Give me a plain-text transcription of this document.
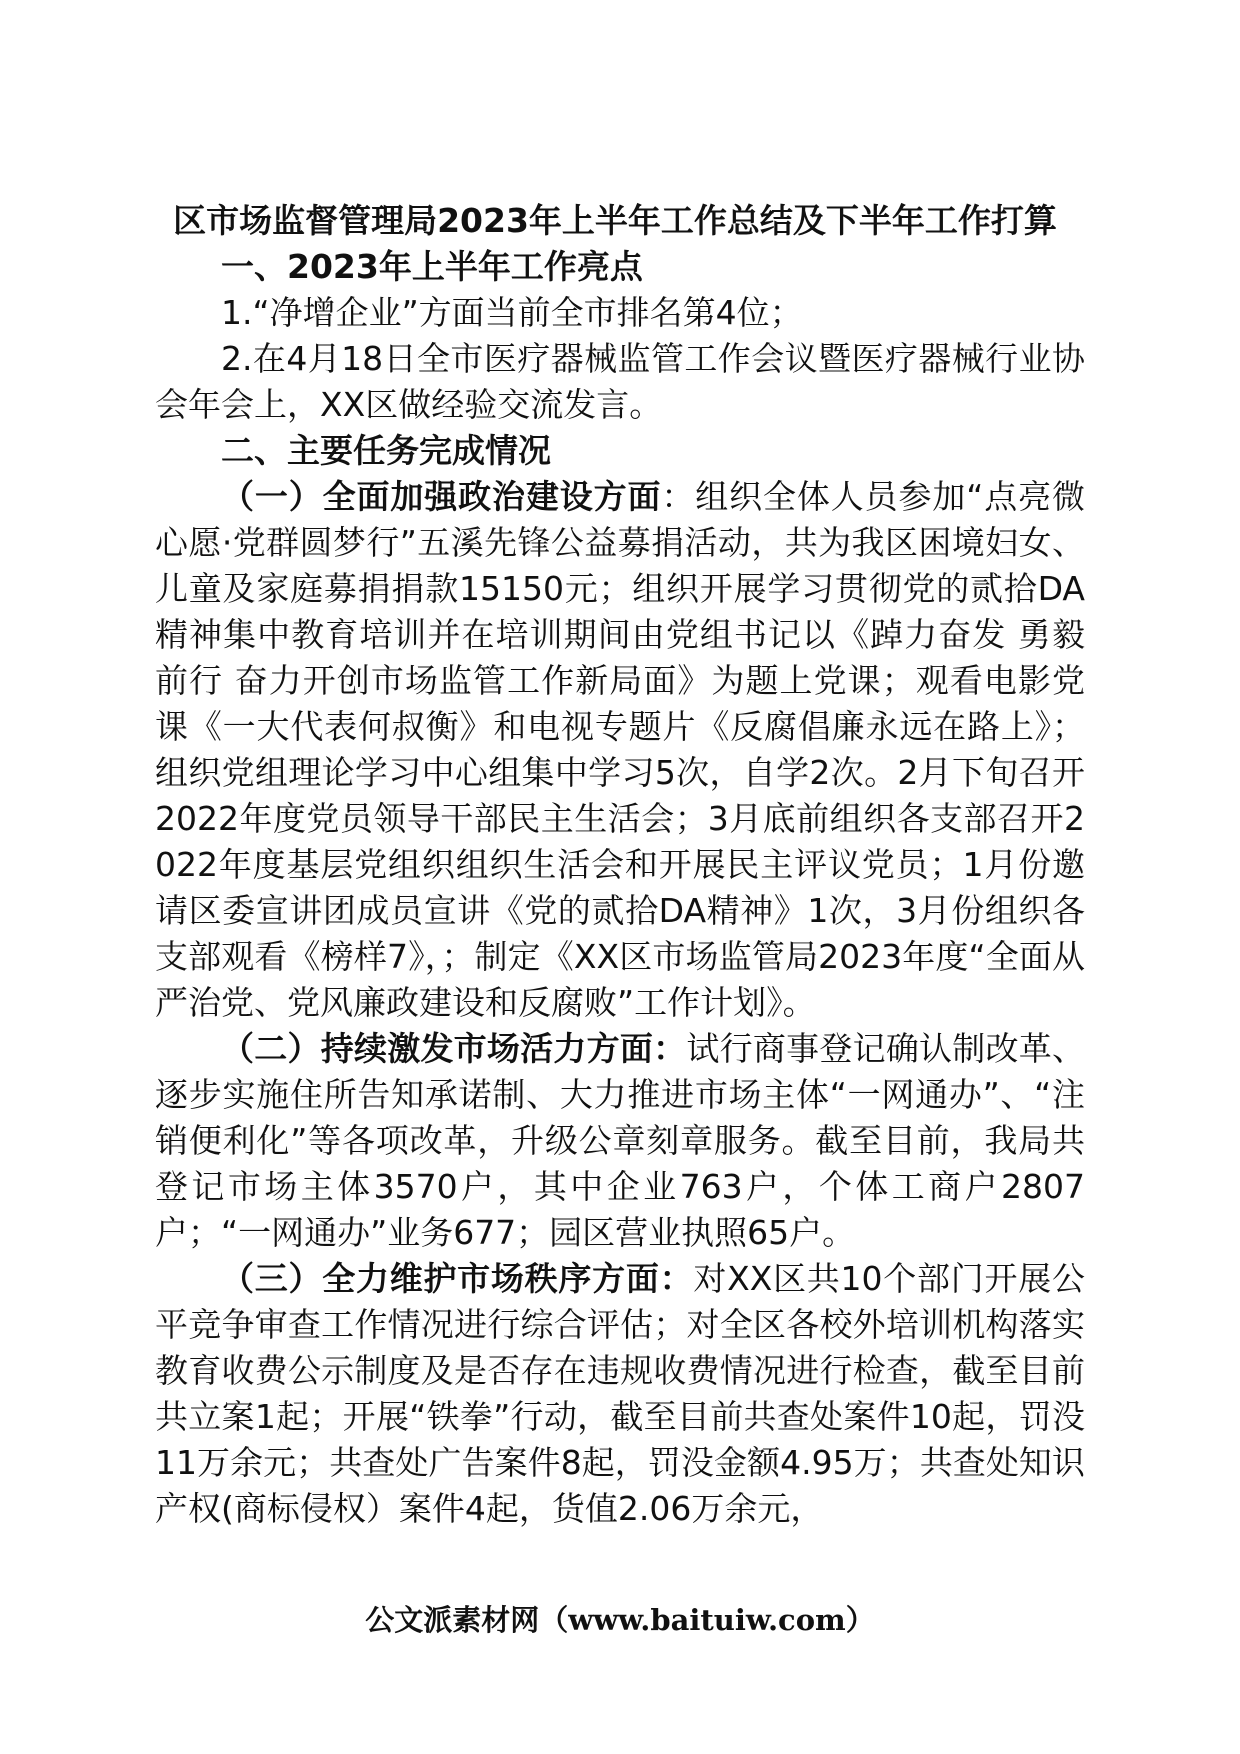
区市场监督管理局2023年上半年工作总结及下半年工作打算
一、2023年上半年工作亮点
1.“净增企业”方面当前全市排名第4位；
2.在4月18日全市医疗器械监管工作会议暨医疗器械行业协会年会上，XX区做经验交流发言。
二、主要任务完成情况
（一）全面加强政治建设方面：组织全体人员参加“点亮微心愿·党群圆梦行”五溪先锋公益募捐活动，共为我区困境妇女、儿童及家庭募捐捐款15150元；组织开展学习贯彻党的贰拾DA精神集中教育培训并在培训期间由党组书记以《踔力奋发 勇毅前行 奋力开创市场监管工作新局面》为题上党课；观看电影党课《一大代表何叔衡》和电视专题片《反腐倡廉永远在路上》；组织党组理论学习中心组集中学习5次，自学2次。2月下旬召开2022年度党员领导干部民主生活会；3月底前组织各支部召开2022年度基层党组织组织生活会和开展民主评议党员；1月份邀请区委宣讲团成员宣讲《党的贰拾DA精神》1次，3月份组织各支部观看《榜样7》，；制定《XX区市场监管局2023年度“全面从严治党、党风廉政建设和反腐败”工作计划》。
（二）持续激发市场活力方面：试行商事登记确认制改革、逐步实施住所告知承诺制、大力推进市场主体“一网通办”、“注销便利化”等各项改革，升级公章刻章服务。截至目前，我局共登记市场主体3570户，其中企业763户，个体工商户2807户；“一网通办”业务677；园区营业执照65户。
（三）全力维护市场秩序方面：对XX区共10个部门开展公平竞争审查工作情况进行综合评估；对全区各校外培训机构落实教育收费公示制度及是否存在违规收费情况进行检查，截至目前共立案1起；开展“铁拳”行动，截至目前共查处案件10起，罚没11万余元；共查处广告案件8起，罚没金额4.95万；共查处知识产权(商标侵权）案件4起，货值2.06万余元，
公文派素材网（www.baituiw.com）
